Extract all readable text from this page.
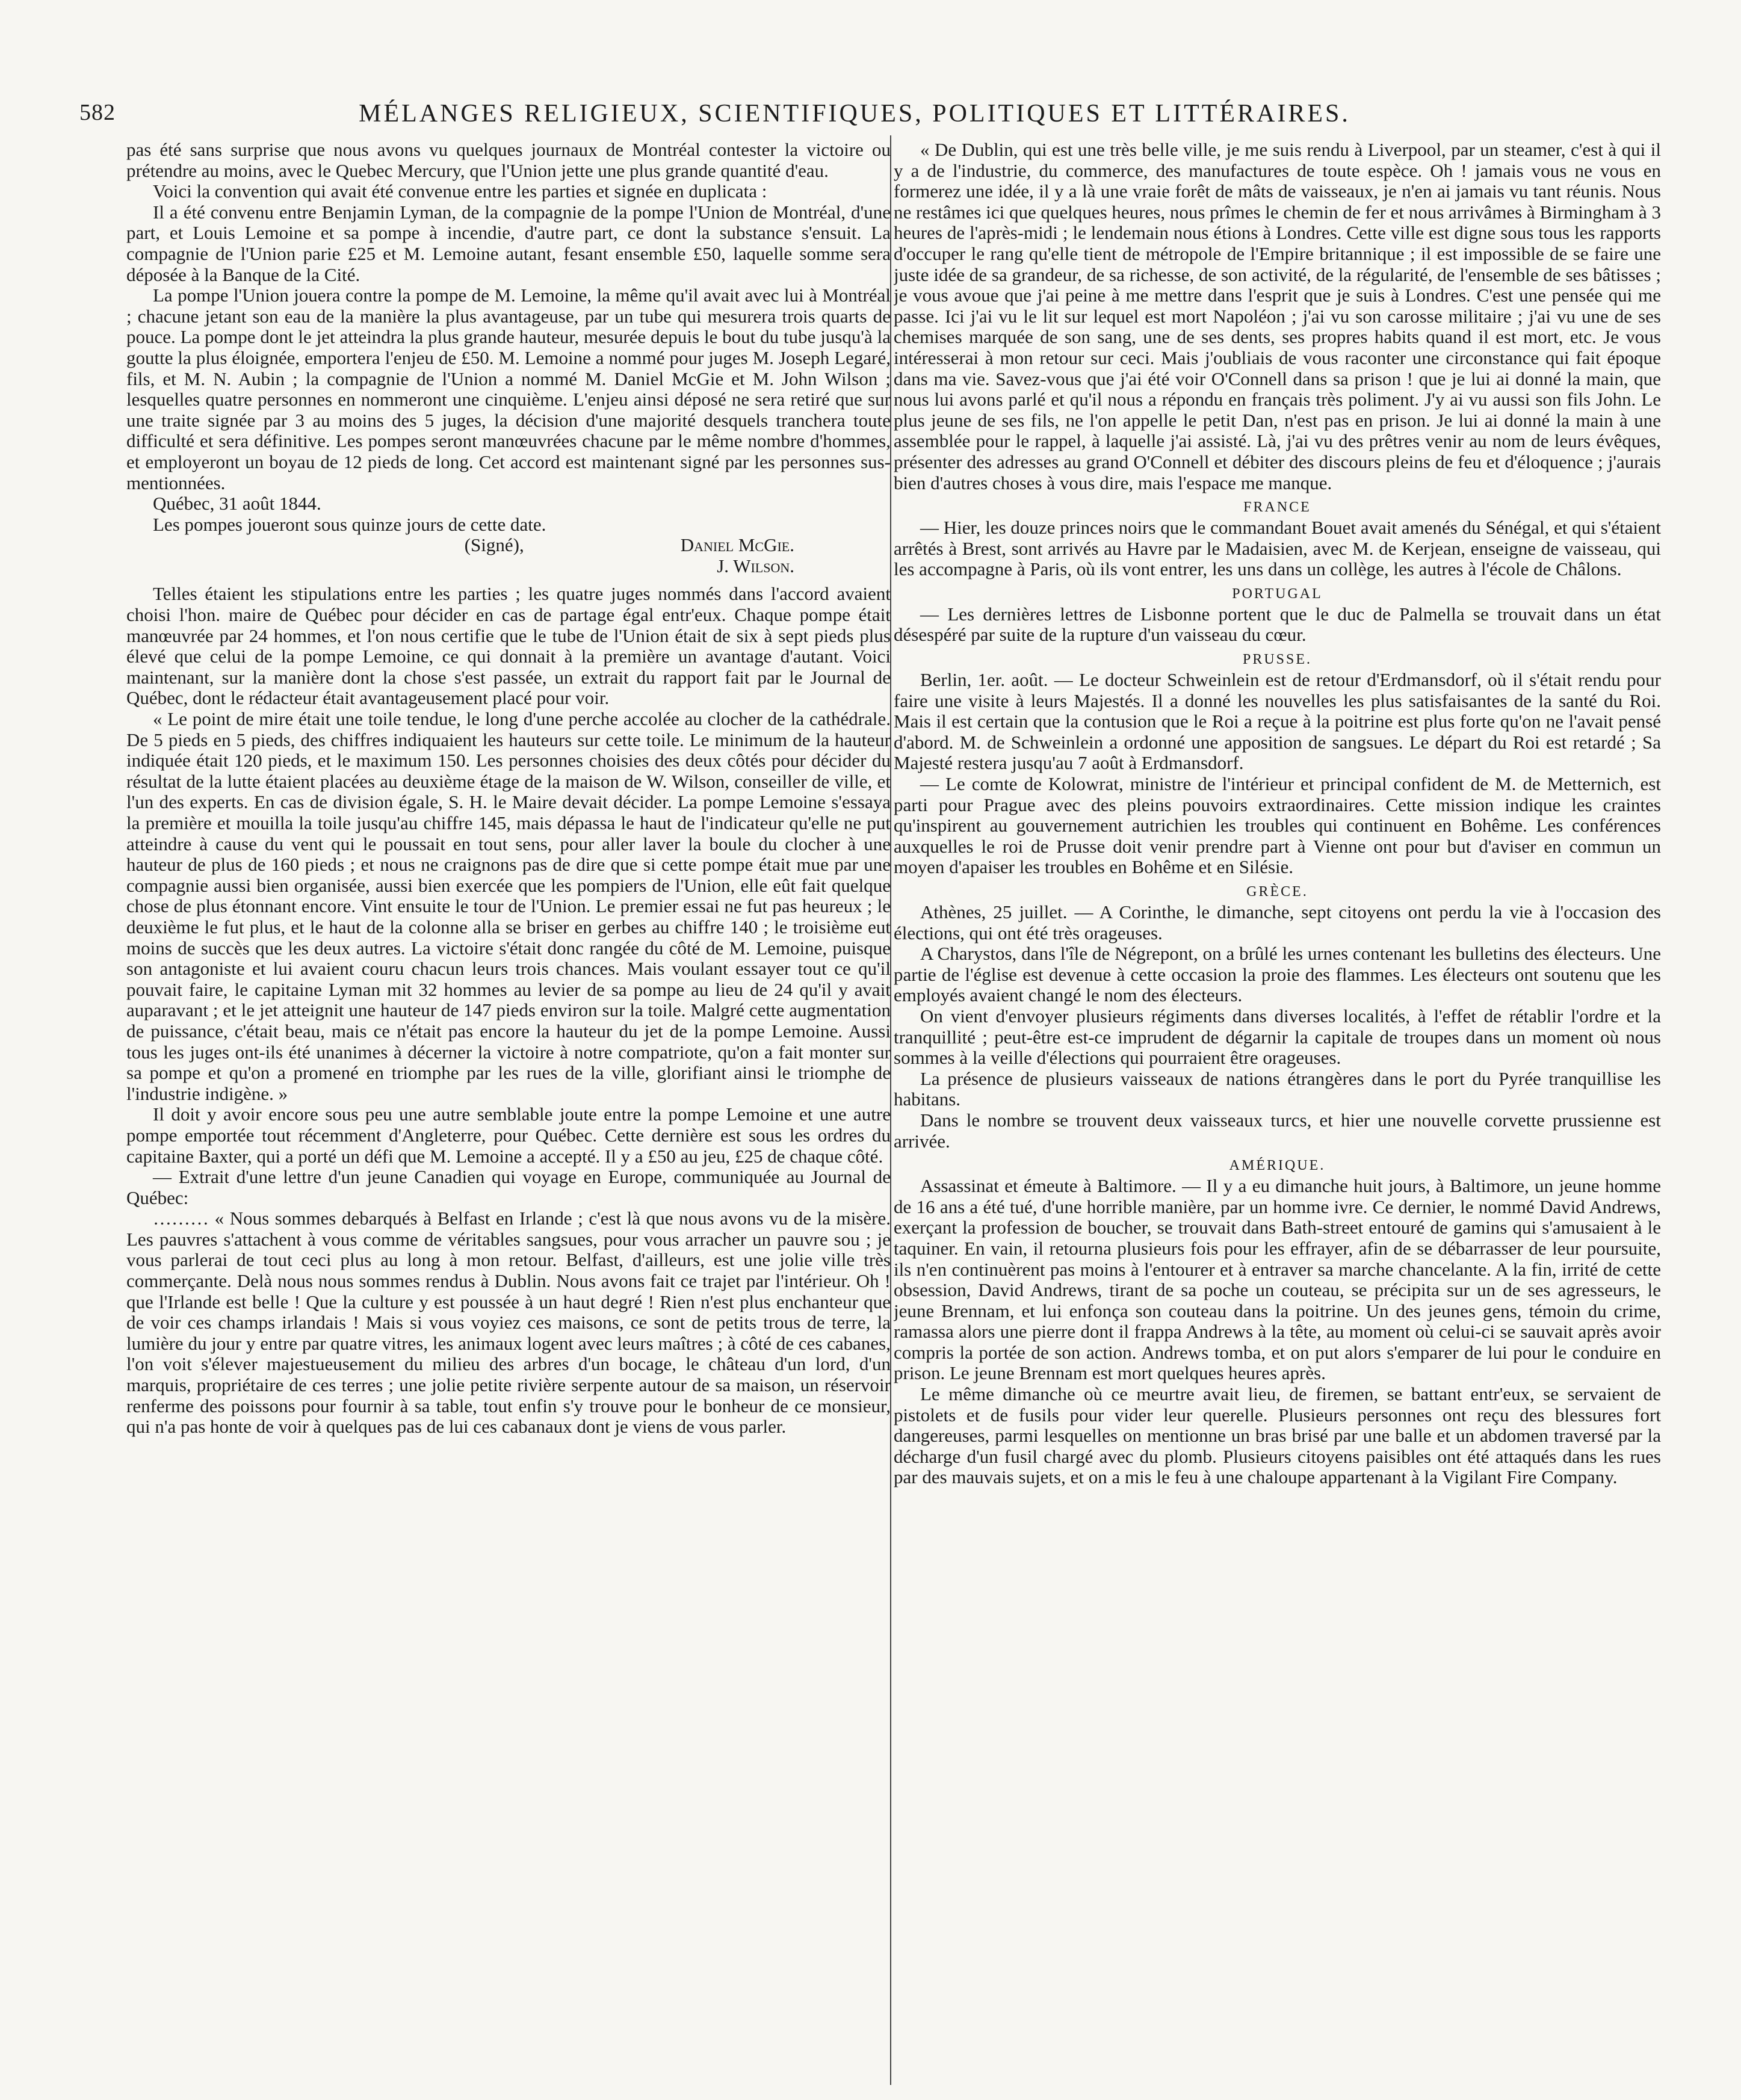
582	MÉLANGES RELIGIEUX, SCIENTIFIQUES, POLITIQUES ET LITTÉRAIRES.

pas été sans surprise que nous avons vu quelques journaux de Montréal contester la victoire ou prétendre au moins, avec le Quebec Mercury, que l'Union jette une plus grande quantité d'eau.

Voici la convention qui avait été convenue entre les parties et signée en duplicata :

Il a été convenu entre Benjamin Lyman, de la compagnie de la pompe l'Union de Montréal, d'une part, et Louis Lemoine et sa pompe à incendie, d'autre part, ce dont la substance s'ensuit. La compagnie de l'Union parie £25 et M. Lemoine autant, fesant ensemble £50, laquelle somme sera déposée à la Banque de la Cité.

La pompe l'Union jouera contre la pompe de M. Lemoine, la même qu'il avait avec lui à Montréal ; chacune jetant son eau de la manière la plus avantageuse, par un tube qui mesurera trois quarts de pouce. La pompe dont le jet atteindra la plus grande hauteur, mesurée depuis le bout du tube jusqu'à la goutte la plus éloignée, emportera l'enjeu de £50. M. Lemoine a nommé pour juges M. Joseph Legaré, fils, et M. N. Aubin ; la compagnie de l'Union a nommé M. Daniel McGie et M. John Wilson ; lesquelles quatre personnes en nommeront une cinquième. L'enjeu ainsi déposé ne sera retiré que sur une traite signée par 3 au moins des 5 juges, la décision d'une majorité desquels tranchera toute difficulté et sera définitive. Les pompes seront manœuvrées chacune par le même nombre d'hommes, et employeront un boyau de 12 pieds de long. Cet accord est maintenant signé par les personnes sus-mentionnées.

Québec, 31 août 1844.

Les pompes joueront sous quinze jours de cette date.

(Signé),	Daniel McGie.
J. Wilson.

Telles étaient les stipulations entre les parties ; les quatre juges nommés dans l'accord avaient choisi l'hon. maire de Québec pour décider en cas de partage égal entr'eux. Chaque pompe était manœuvrée par 24 hommes, et l'on nous certifie que le tube de l'Union était de six à sept pieds plus élevé que celui de la pompe Lemoine, ce qui donnait à la première un avantage d'autant. Voici maintenant, sur la manière dont la chose s'est passée, un extrait du rapport fait par le Journal de Québec, dont le rédacteur était avantageusement placé pour voir.

« Le point de mire était une toile tendue, le long d'une perche accolée au clocher de la cathédrale. De 5 pieds en 5 pieds, des chiffres indiquaient les hauteurs sur cette toile. Le minimum de la hauteur indiquée était 120 pieds, et le maximum 150. Les personnes choisies des deux côtés pour décider du résultat de la lutte étaient placées au deuxième étage de la maison de W. Wilson, conseiller de ville, et l'un des experts. En cas de division égale, S. H. le Maire devait décider. La pompe Lemoine s'essaya la première et mouilla la toile jusqu'au chiffre 145, mais dépassa le haut de l'indicateur qu'elle ne put atteindre à cause du vent qui le poussait en tout sens, pour aller laver la boule du clocher à une hauteur de plus de 160 pieds ; et nous ne craignons pas de dire que si cette pompe était mue par une compagnie aussi bien organisée, aussi bien exercée que les pompiers de l'Union, elle eût fait quelque chose de plus étonnant encore. Vint ensuite le tour de l'Union. Le premier essai ne fut pas heureux ; le deuxième le fut plus, et le haut de la colonne alla se briser en gerbes au chiffre 140 ; le troisième eut moins de succès que les deux autres. La victoire s'était donc rangée du côté de M. Lemoine, puisque son antagoniste et lui avaient couru chacun leurs trois chances. Mais voulant essayer tout ce qu'il pouvait faire, le capitaine Lyman mit 32 hommes au levier de sa pompe au lieu de 24 qu'il y avait auparavant ; et le jet atteignit une hauteur de 147 pieds environ sur la toile. Malgré cette augmentation de puissance, c'était beau, mais ce n'était pas encore la hauteur du jet de la pompe Lemoine. Aussi tous les juges ont-ils été unanimes à décerner la victoire à notre compatriote, qu'on a fait monter sur sa pompe et qu'on a promené en triomphe par les rues de la ville, glorifiant ainsi le triomphe de l'industrie indigène. »

Il doit y avoir encore sous peu une autre semblable joute entre la pompe Lemoine et une autre pompe emportée tout récemment d'Angleterre, pour Québec. Cette dernière est sous les ordres du capitaine Baxter, qui a porté un défi que M. Lemoine a accepté. Il y a £50 au jeu, £25 de chaque côté.

— Extrait d'une lettre d'un jeune Canadien qui voyage en Europe, communiquée au Journal de Québec:

……… « Nous sommes debarqués à Belfast en Irlande ; c'est là que nous avons vu de la misère. Les pauvres s'attachent à vous comme de véritables sangsues, pour vous arracher un pauvre sou ; je vous parlerai de tout ceci plus au long à mon retour. Belfast, d'ailleurs, est une jolie ville très commerçante. Delà nous nous sommes rendus à Dublin. Nous avons fait ce trajet par l'intérieur. Oh ! que l'Irlande est belle ! Que la culture y est poussée à un haut degré ! Rien n'est plus enchanteur que de voir ces champs irlandais ! Mais si vous voyiez ces maisons, ce sont de petits trous de terre, la lumière du jour y entre par quatre vitres, les animaux logent avec leurs maîtres ; à côté de ces cabanes, l'on voit s'élever majestueusement du milieu des arbres d'un bocage, le château d'un lord, d'un marquis, propriétaire de ces terres ; une jolie petite rivière serpente autour de sa maison, un réservoir renferme des poissons pour fournir à sa table, tout enfin s'y trouve pour le bonheur de ce monsieur, qui n'a pas honte de voir à quelques pas de lui ces cabanaux dont je viens de vous parler.

« De Dublin, qui est une très belle ville, je me suis rendu à Liverpool, par un steamer, c'est à qui il y a de l'industrie, du commerce, des manufactures de toute espèce. Oh ! jamais vous ne vous en formerez une idée, il y a là une vraie forêt de mâts de vaisseaux, je n'en ai jamais vu tant réunis. Nous ne restâmes ici que quelques heures, nous prîmes le chemin de fer et nous arrivâmes à Birmingham à 3 heures de l'après-midi ; le lendemain nous étions à Londres. Cette ville est digne sous tous les rapports d'occuper le rang qu'elle tient de métropole de l'Empire britannique ; il est impossible de se faire une juste idée de sa grandeur, de sa richesse, de son activité, de la régularité, de l'ensemble de ses bâtisses ; je vous avoue que j'ai peine à me mettre dans l'esprit que je suis à Londres. C'est une pensée qui me passe. Ici j'ai vu le lit sur lequel est mort Napoléon ; j'ai vu son carosse militaire ; j'ai vu une de ses chemises marquée de son sang, une de ses dents, ses propres habits quand il est mort, etc. Je vous intéresserai à mon retour sur ceci. Mais j'oubliais de vous raconter une circonstance qui fait époque dans ma vie. Savez-vous que j'ai été voir O'Connell dans sa prison ! que je lui ai donné la main, que nous lui avons parlé et qu'il nous a répondu en français très poliment. J'y ai vu aussi son fils John. Le plus jeune de ses fils, ne l'on appelle le petit Dan, n'est pas en prison. Je lui ai donné la main à une assemblée pour le rappel, à laquelle j'ai assisté. Là, j'ai vu des prêtres venir au nom de leurs évêques, présenter des adresses au grand O'Connell et débiter des discours pleins de feu et d'éloquence ; j'aurais bien d'autres choses à vous dire, mais l'espace me manque.

FRANCE

— Hier, les douze princes noirs que le commandant Bouet avait amenés du Sénégal, et qui s'étaient arrêtés à Brest, sont arrivés au Havre par le Madaisien, avec M. de Kerjean, enseigne de vaisseau, qui les accompagne à Paris, où ils vont entrer, les uns dans un collège, les autres à l'école de Châlons.

PORTUGAL

— Les dernières lettres de Lisbonne portent que le duc de Palmella se trouvait dans un état désespéré par suite de la rupture d'un vaisseau du cœur.

PRUSSE.

Berlin, 1er. août. — Le docteur Schweinlein est de retour d'Erdmansdorf, où il s'était rendu pour faire une visite à leurs Majestés. Il a donné les nouvelles les plus satisfaisantes de la santé du Roi. Mais il est certain que la contusion que le Roi a reçue à la poitrine est plus forte qu'on ne l'avait pensé d'abord. M. de Schweinlein a ordonné une apposition de sangsues. Le départ du Roi est retardé ; Sa Majesté restera jusqu'au 7 août à Erdmansdorf.

— Le comte de Kolowrat, ministre de l'intérieur et principal confident de M. de Metternich, est parti pour Prague avec des pleins pouvoirs extraordinaires. Cette mission indique les craintes qu'inspirent au gouvernement autrichien les troubles qui continuent en Bohême. Les conférences auxquelles le roi de Prusse doit venir prendre part à Vienne ont pour but d'aviser en commun un moyen d'apaiser les troubles en Bohême et en Silésie.

GRÈCE.

Athènes, 25 juillet. — A Corinthe, le dimanche, sept citoyens ont perdu la vie à l'occasion des élections, qui ont été très orageuses.

A Charystos, dans l'île de Négrepont, on a brûlé les urnes contenant les bulletins des électeurs. Une partie de l'église est devenue à cette occasion la proie des flammes. Les électeurs ont soutenu que les employés avaient changé le nom des électeurs.

On vient d'envoyer plusieurs régiments dans diverses localités, à l'effet de rétablir l'ordre et la tranquillité ; peut-être est-ce imprudent de dégarnir la capitale de troupes dans un moment où nous sommes à la veille d'élections qui pourraient être orageuses.

La présence de plusieurs vaisseaux de nations étrangères dans le port du Pyrée tranquillise les habitans.

Dans le nombre se trouvent deux vaisseaux turcs, et hier une nouvelle corvette prussienne est arrivée.

AMÉRIQUE.

Assassinat et émeute à Baltimore. — Il y a eu dimanche huit jours, à Baltimore, un jeune homme de 16 ans a été tué, d'une horrible manière, par un homme ivre. Ce dernier, le nommé David Andrews, exerçant la profession de boucher, se trouvait dans Bath-street entouré de gamins qui s'amusaient à le taquiner. En vain, il retourna plusieurs fois pour les effrayer, afin de se débarrasser de leur poursuite, ils n'en continuèrent pas moins à l'entourer et à entraver sa marche chancelante. A la fin, irrité de cette obsession, David Andrews, tirant de sa poche un couteau, se précipita sur un de ses agresseurs, le jeune Brennam, et lui enfonça son couteau dans la poitrine. Un des jeunes gens, témoin du crime, ramassa alors une pierre dont il frappa Andrews à la tête, au moment où celui-ci se sauvait après avoir compris la portée de son action. Andrews tomba, et on put alors s'emparer de lui pour le conduire en prison. Le jeune Brennam est mort quelques heures après.

Le même dimanche où ce meurtre avait lieu, de firemen, se battant entr'eux, se servaient de pistolets et de fusils pour vider leur querelle. Plusieurs personnes ont reçu des blessures fort dangereuses, parmi lesquelles on mentionne un bras brisé par une balle et un abdomen traversé par la décharge d'un fusil chargé avec du plomb. Plusieurs citoyens paisibles ont été attaqués dans les rues par des mauvais sujets, et on a mis le feu à une chaloupe appartenant à la Vigilant Fire Company.
